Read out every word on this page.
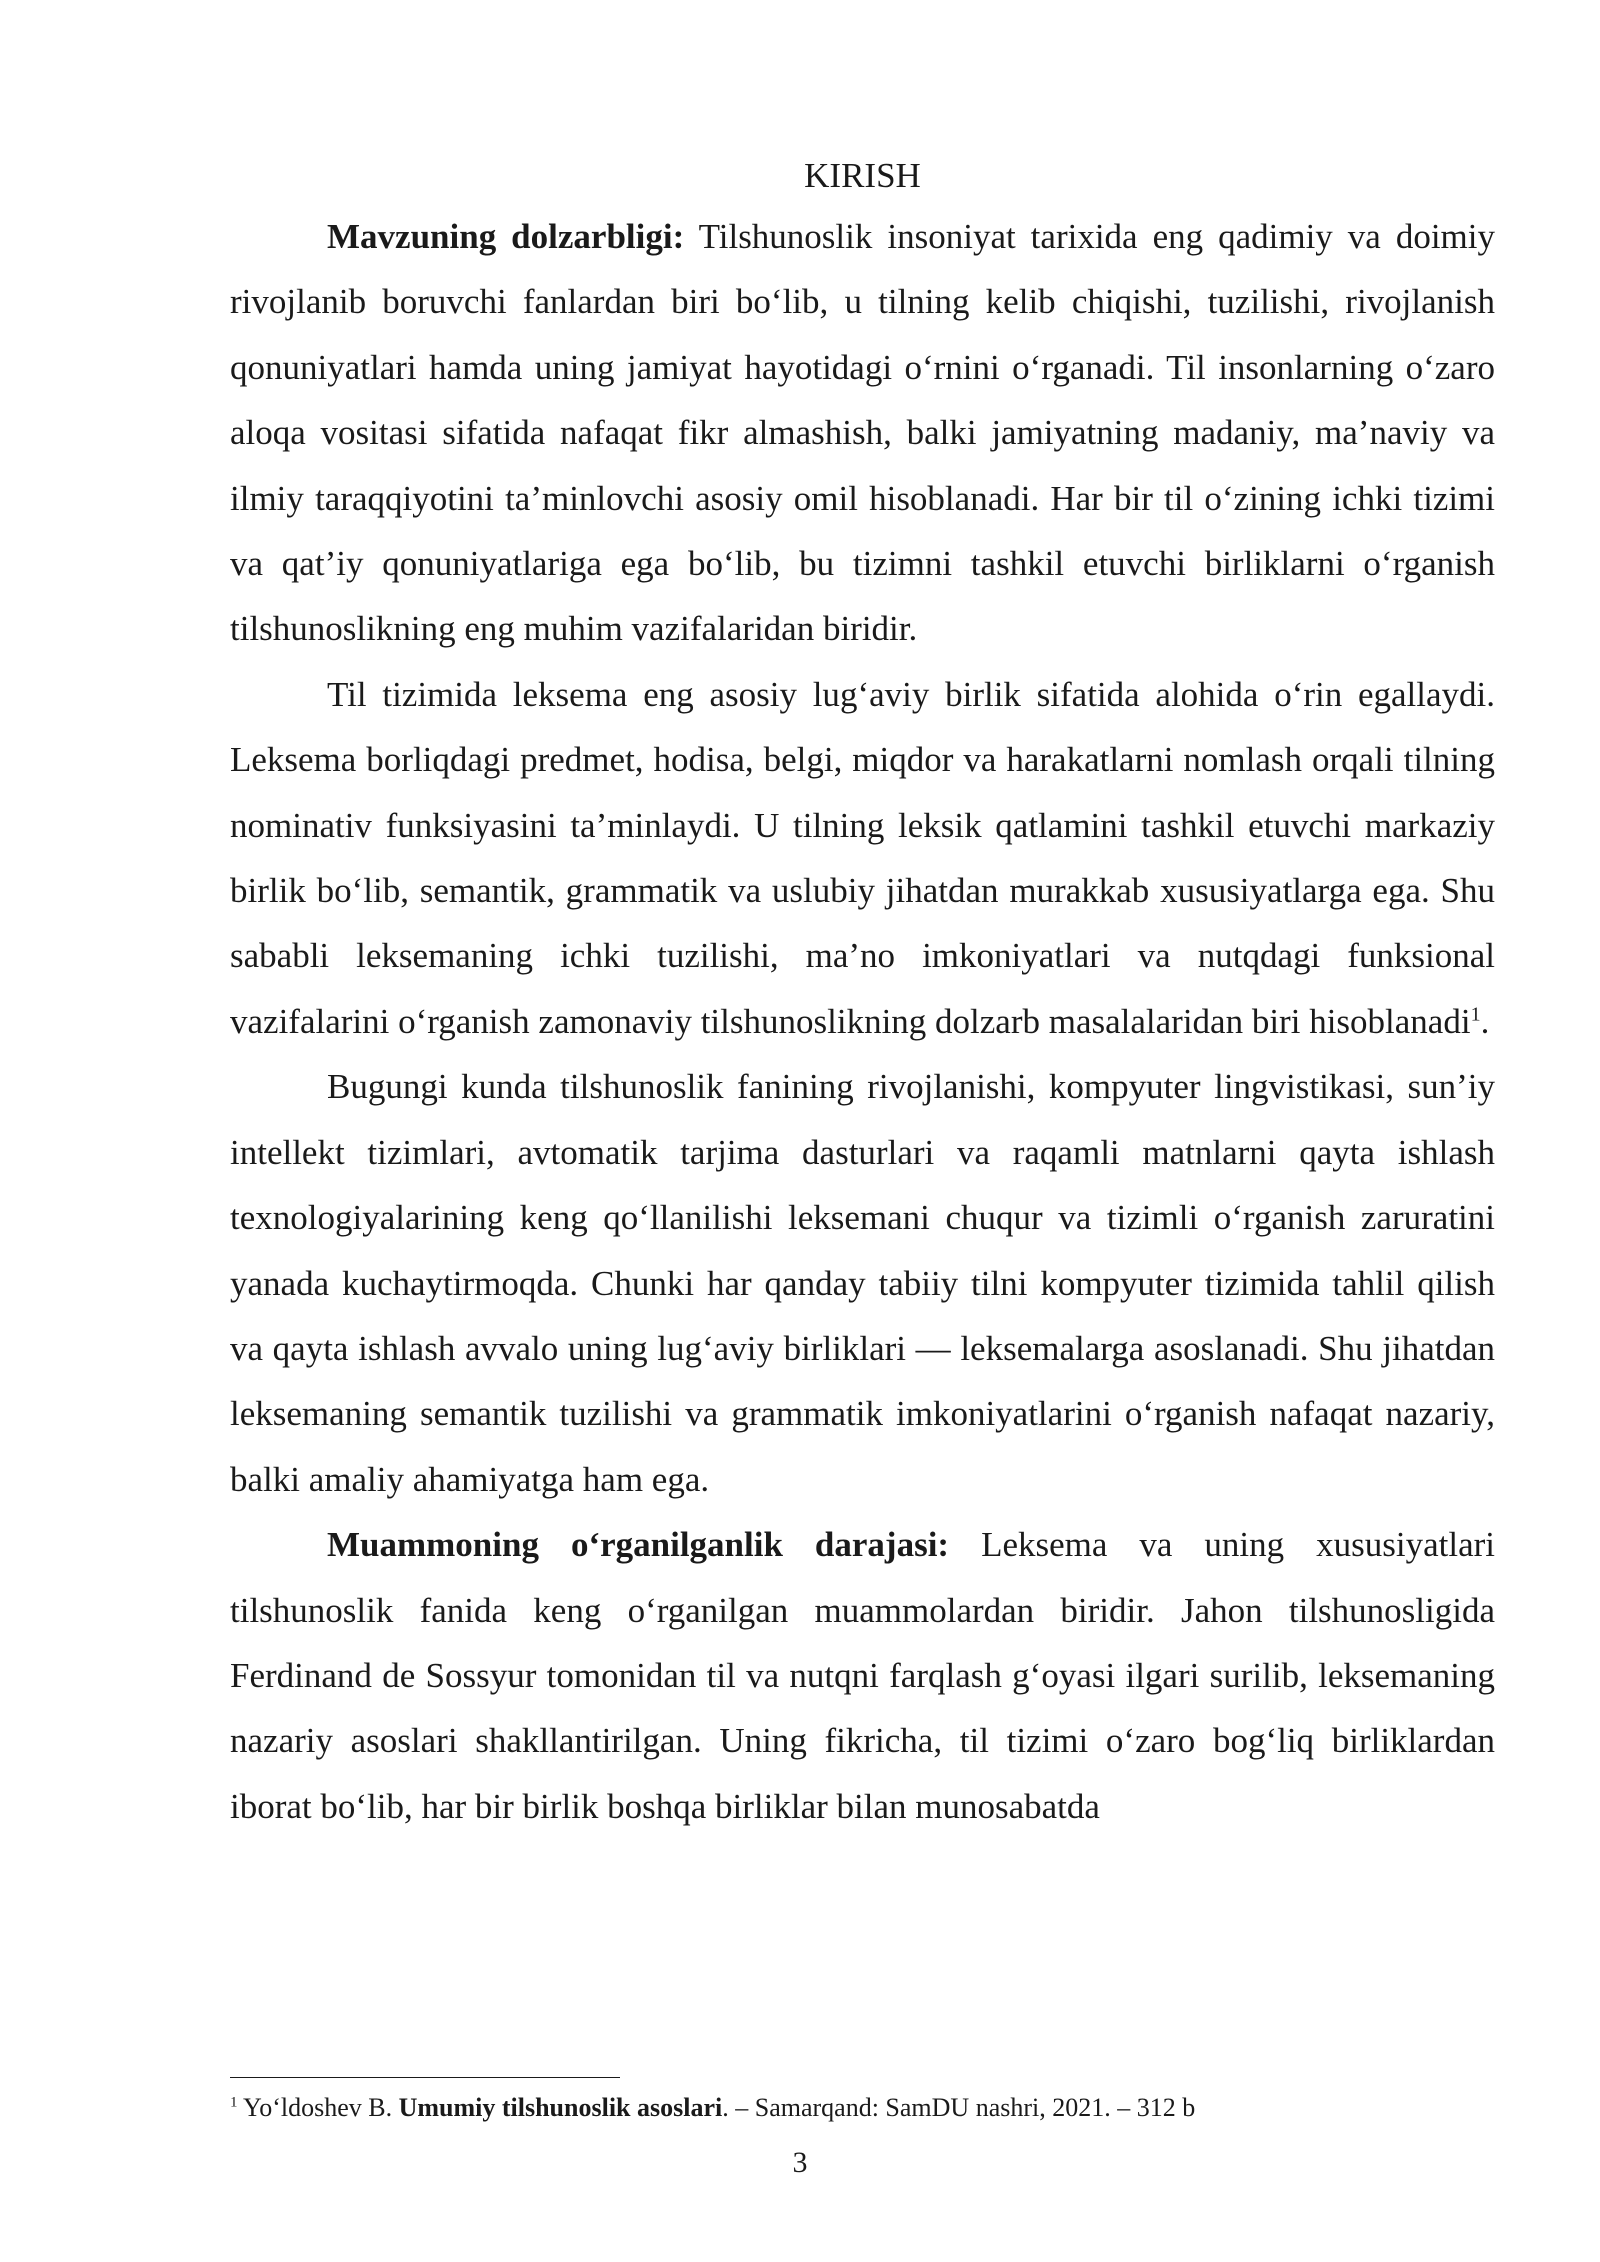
KIRISH

Mavzuning dolzarbligi: Tilshunoslik insoniyat tarixida eng qadimiy va doimiy rivojlanib boruvchi fanlardan biri bo‘lib, u tilning kelib chiqishi, tuzilishi, rivojlanish qonuniyatlari hamda uning jamiyat hayotidagi o‘rnini o‘rganadi. Til insonlarning o‘zaro aloqa vositasi sifatida nafaqat fikr almashish, balki jamiyatning madaniy, ma’naviy va ilmiy taraqqiyotini ta’minlovchi asosiy omil hisoblanadi. Har bir til o‘zining ichki tizimi va qat’iy qonuniyatlariga ega bo‘lib, bu tizimni tashkil etuvchi birliklarni o‘rganish tilshunoslikning eng muhim vazifalaridan biridir.

Til tizimida leksema eng asosiy lug‘aviy birlik sifatida alohida o‘rin egallaydi. Leksema borliqdagi predmet, hodisa, belgi, miqdor va harakatlarni nomlash orqali tilning nominativ funksiyasini ta’minlaydi. U tilning leksik qatlamini tashkil etuvchi markaziy birlik bo‘lib, semantik, grammatik va uslubiy jihatdan murakkab xususiyatlarga ega. Shu sababli leksemaning ichki tuzilishi, ma’no imkoniyatlari va nutqdagi funksional vazifalarini o‘rganish zamonaviy tilshunoslikning dolzarb masalalaridan biri hisoblanadi$^1$.

Bugungi kunda tilshunoslik fanining rivojlanishi, kompyuter lingvistikasi, sun’iy intellekt tizimlari, avtomatik tarjima dasturlari va raqamli matnlarni qayta ishlash texnologiyalarining keng qo‘llanilishi leksemani chuqur va tizimli o‘rganish zaruratini yanada kuchaytirmoqda. Chunki har qanday tabiiy tilni kompyuter tizimida tahlil qilish va qayta ishlash avvalo uning lug‘aviy birliklari — leksemalarga asoslanadi. Shu jihatdan leksemaning semantik tuzilishi va grammatik imkoniyatlarini o‘rganish nafaqat nazariy, balki amaliy ahamiyatga ham ega.

Muammoning o‘rganilganlik darajasi: Leksema va uning xususiyatlari tilshunoslik fanida keng o‘rganilgan muammolardan biridir. Jahon tilshunosligida Ferdinand de Sossyur tomonidan til va nutqni farqlash g‘oyasi ilgari surilib, leksemaning nazariy asoslari shakllantirilgan. Uning fikricha, til tizimi o‘zaro bog‘liq birliklardan iborat bo‘lib, har bir birlik boshqa birliklar bilan munosabatda

$^1$ Yo‘ldoshev B. Umumiy tilshunoslik asoslari. – Samarqand: SamDU nashri, 2021. – 312 b

3
